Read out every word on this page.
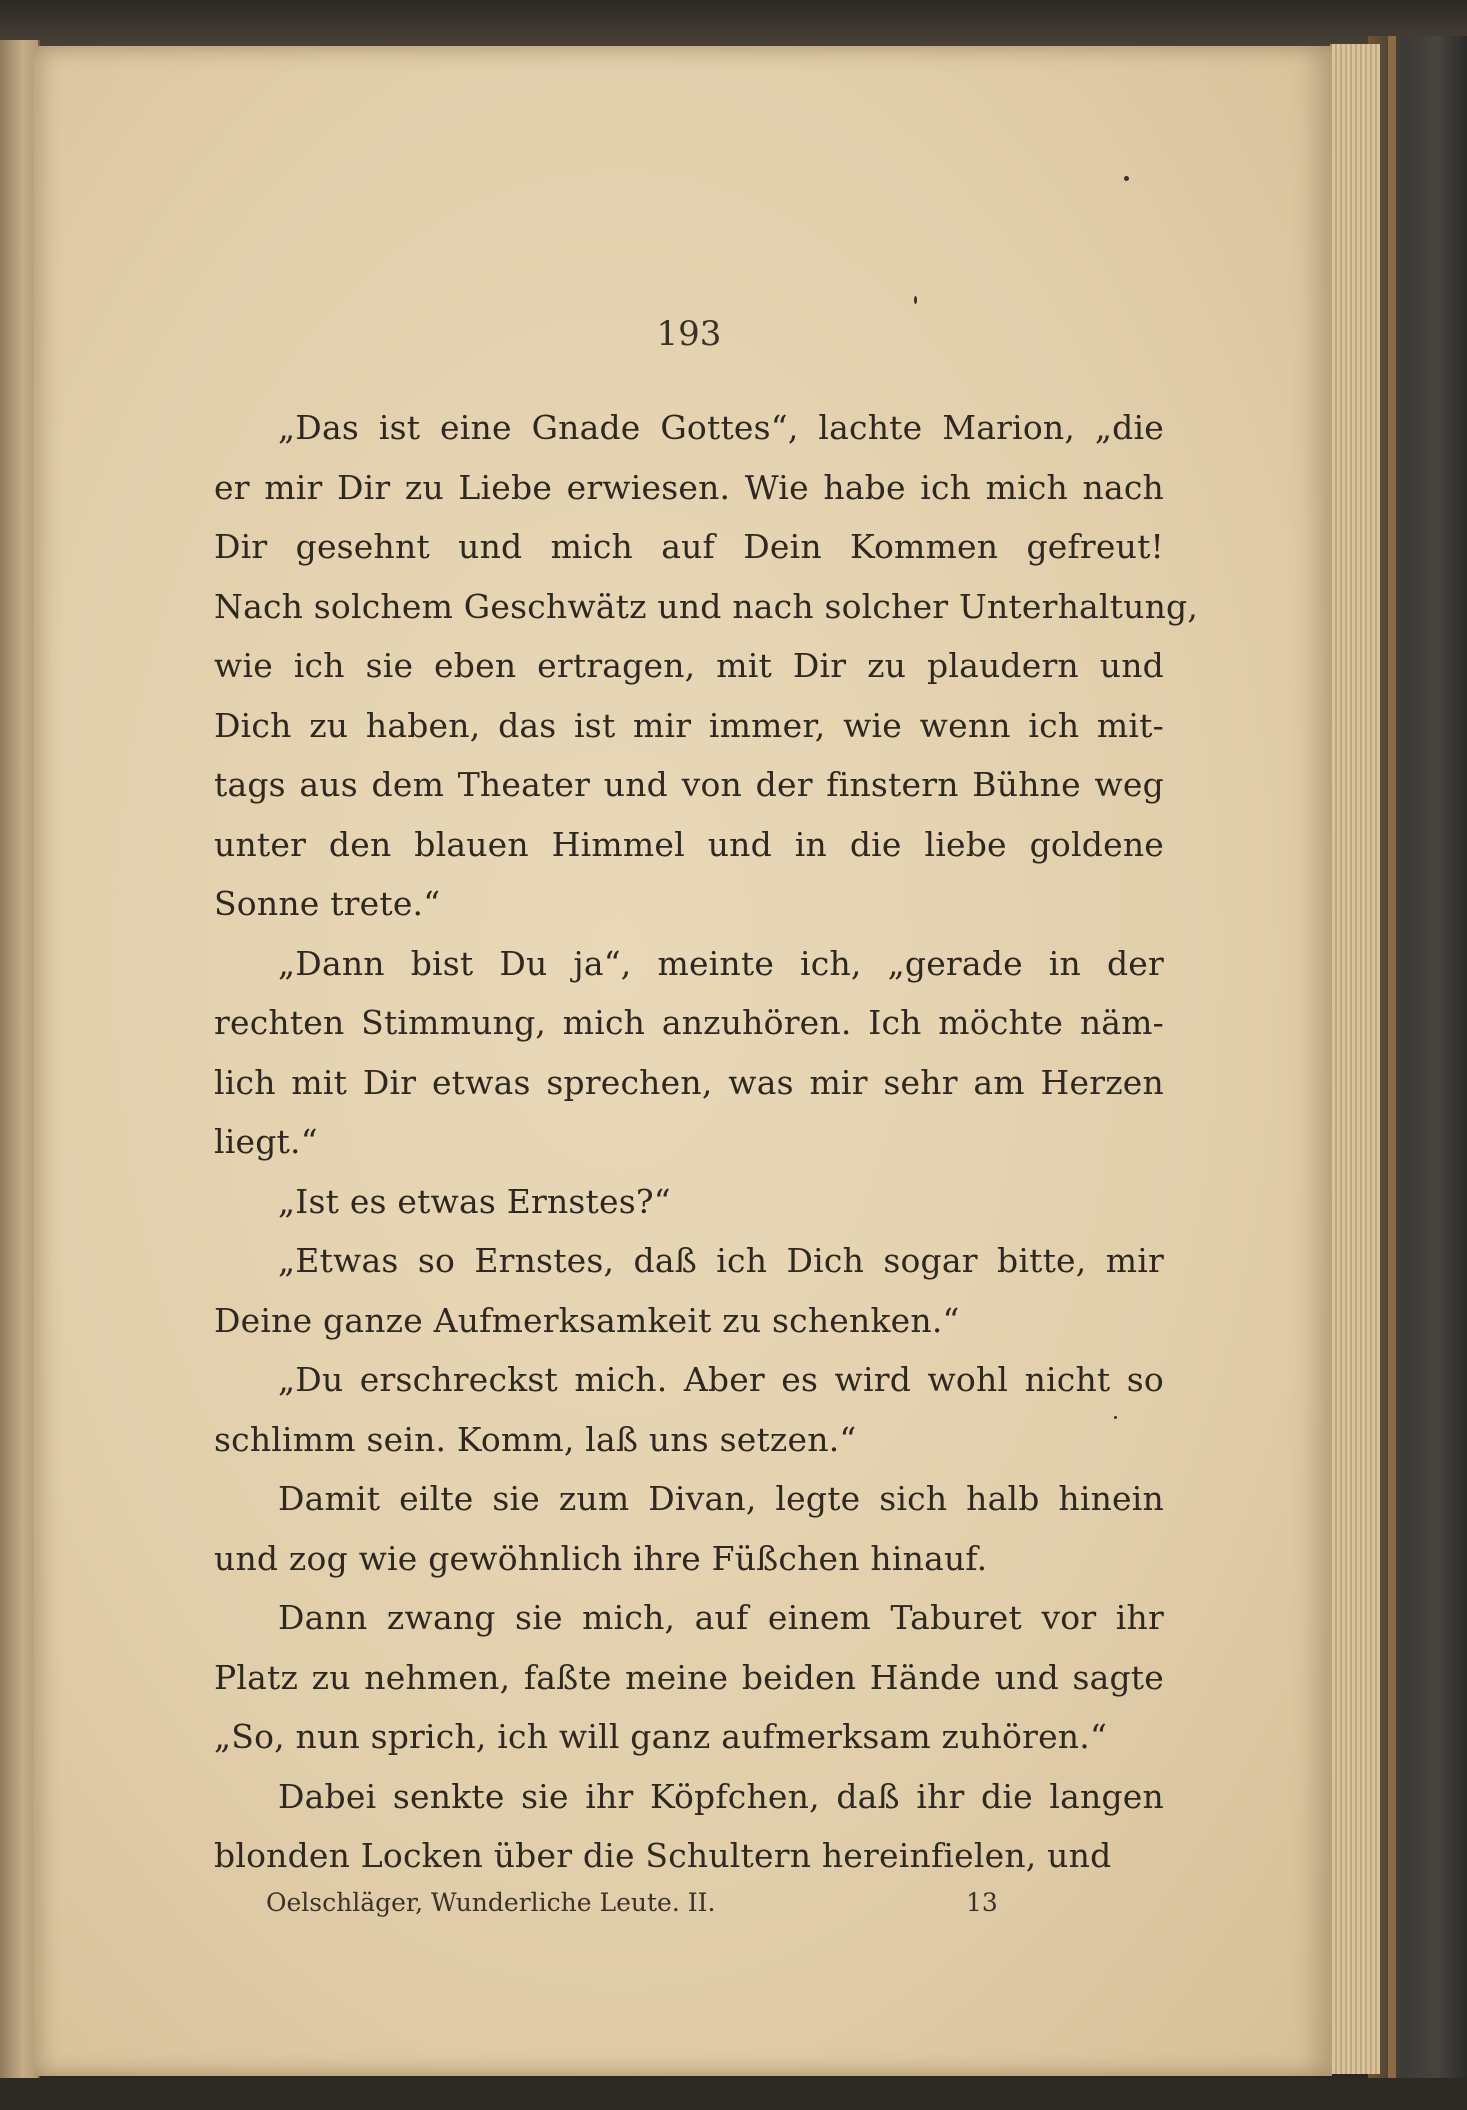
193
„Das ist eine Gnade Gottes“, lachte Marion, „die
er mir Dir zu Liebe erwiesen. Wie habe ich mich nach
Dir gesehnt und mich auf Dein Kommen gefreut!
Nach solchem Geschwätz und nach solcher Unterhaltung,
wie ich sie eben ertragen, mit Dir zu plaudern und
Dich zu haben, das ist mir immer, wie wenn ich mit-
tags aus dem Theater und von der finstern Bühne weg
unter den blauen Himmel und in die liebe goldene
Sonne trete.“
„Dann bist Du ja“, meinte ich, „gerade in der
rechten Stimmung, mich anzuhören. Ich möchte näm-
lich mit Dir etwas sprechen, was mir sehr am Herzen
liegt.“
„Ist es etwas Ernstes?“
„Etwas so Ernstes, daß ich Dich sogar bitte, mir
Deine ganze Aufmerksamkeit zu schenken.“
„Du erschreckst mich. Aber es wird wohl nicht so
schlimm sein. Komm, laß uns setzen.“
Damit eilte sie zum Divan, legte sich halb hinein
und zog wie gewöhnlich ihre Füßchen hinauf.
Dann zwang sie mich, auf einem Taburet vor ihr
Platz zu nehmen, faßte meine beiden Hände und sagte
„So, nun sprich, ich will ganz aufmerksam zuhören.“
Dabei senkte sie ihr Köpfchen, daß ihr die langen
blonden Locken über die Schultern hereinfielen, und
Oelschläger, Wunderliche Leute. II.	13
